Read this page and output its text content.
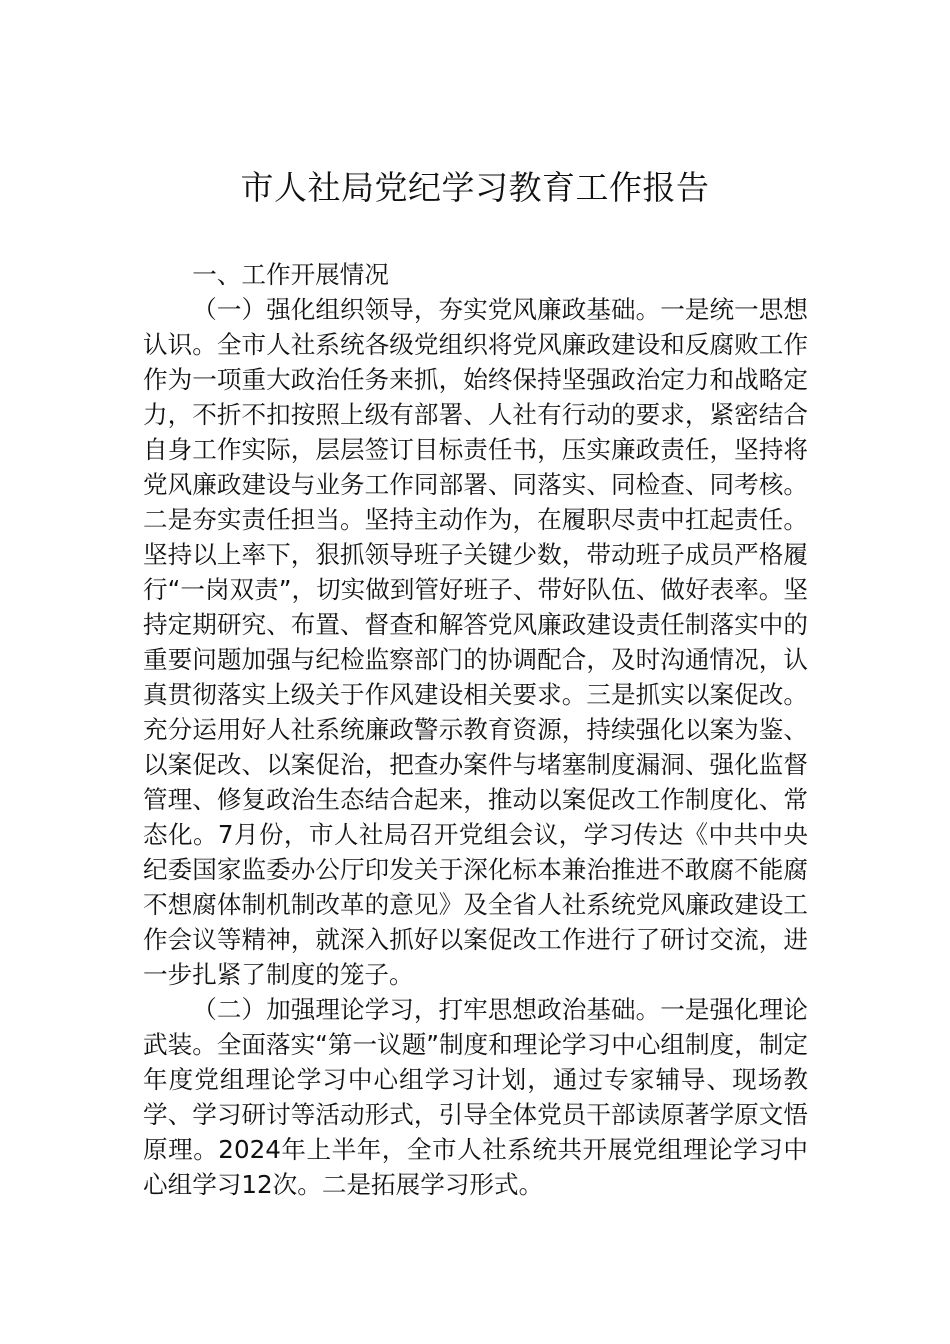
市人社局党纪学习教育工作报告

一、工作开展情况

（一）强化组织领导，夯实党风廉政基础。一是统一思想认识。全市人社系统各级党组织将党风廉政建设和反腐败工作作为一项重大政治任务来抓，始终保持坚强政治定力和战略定力，不折不扣按照上级有部署、人社有行动的要求，紧密结合自身工作实际，层层签订目标责任书，压实廉政责任，坚持将党风廉政建设与业务工作同部署、同落实、同检查、同考核。二是夯实责任担当。坚持主动作为，在履职尽责中扛起责任。坚持以上率下，狠抓领导班子关键少数，带动班子成员严格履行“一岗双责”，切实做到管好班子、带好队伍、做好表率。坚持定期研究、布置、督查和解答党风廉政建设责任制落实中的重要问题加强与纪检监察部门的协调配合，及时沟通情况，认真贯彻落实上级关于作风建设相关要求。三是抓实以案促改。充分运用好人社系统廉政警示教育资源，持续强化以案为鉴、以案促改、以案促治，把查办案件与堵塞制度漏洞、强化监督管理、修复政治生态结合起来，推动以案促改工作制度化、常态化。7月份，市人社局召开党组会议，学习传达《中共中央纪委国家监委办公厅印发关于深化标本兼治推进不敢腐不能腐不想腐体制机制改革的意见》及全省人社系统党风廉政建设工作会议等精神，就深入抓好以案促改工作进行了研讨交流，进一步扎紧了制度的笼子。

（二）加强理论学习，打牢思想政治基础。一是强化理论武装。全面落实“第一议题”制度和理论学习中心组制度，制定年度党组理论学习中心组学习计划，通过专家辅导、现场教学、学习研讨等活动形式，引导全体党员干部读原著学原文悟原理。2024年上半年，全市人社系统共开展党组理论学习中心组学习12次。二是拓展学习形式。
